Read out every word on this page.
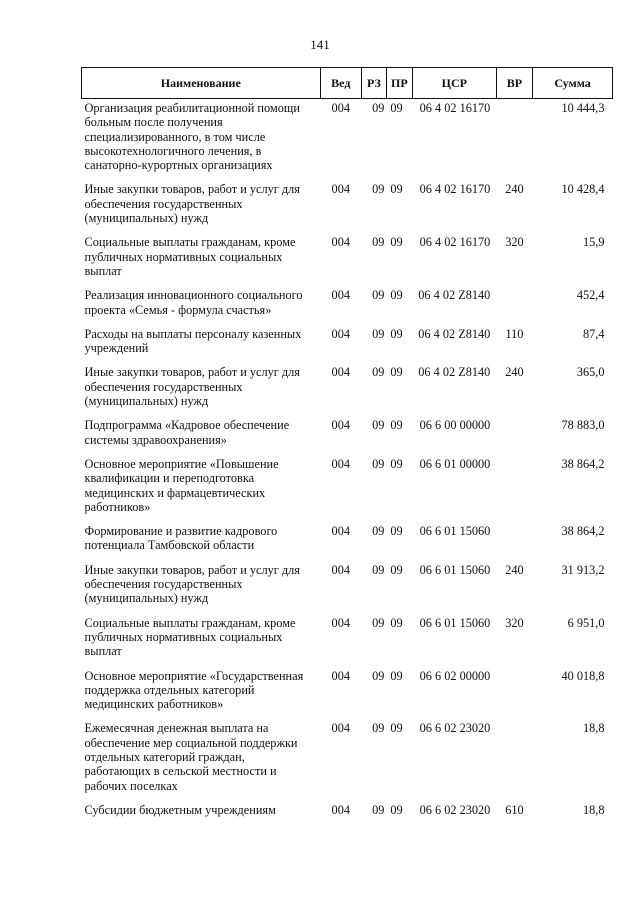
141
Наименование	Вед	РЗ	ПР	ЦСР	ВР	Сумма
Организация реабилитационной помощи больным после получения специализированного, в том числе высокотехнологичного лечения, в санаторно-курортных организациях	004	09	09	06 4 02 16170		10 444,3
Иные закупки товаров, работ и услуг для обеспечения государственных (муниципальных) нужд	004	09	09	06 4 02 16170	240	10 428,4
Социальные выплаты гражданам, кроме публичных нормативных социальных выплат	004	09	09	06 4 02 16170	320	15,9
Реализация инновационного социального проекта «Семья - формула счастья»	004	09	09	06 4 02 Z8140		452,4
Расходы на выплаты персоналу казенных учреждений	004	09	09	06 4 02 Z8140	110	87,4
Иные закупки товаров, работ и услуг для обеспечения государственных (муниципальных) нужд	004	09	09	06 4 02 Z8140	240	365,0
Подпрограмма «Кадровое обеспечение системы здравоохранения»	004	09	09	06 6 00 00000		78 883,0
Основное мероприятие «Повышение квалификации и переподготовка медицинских и фармацевтических работников»	004	09	09	06 6 01 00000		38 864,2
Формирование и развитие кадрового потенциала Тамбовской области	004	09	09	06 6 01 15060		38 864,2
Иные закупки товаров, работ и услуг для обеспечения государственных (муниципальных) нужд	004	09	09	06 6 01 15060	240	31 913,2
Социальные выплаты гражданам, кроме публичных нормативных социальных выплат	004	09	09	06 6 01 15060	320	6 951,0
Основное мероприятие «Государственная поддержка отдельных категорий медицинских работников»	004	09	09	06 6 02 00000		40 018,8
Ежемесячная денежная выплата на обеспечение мер социальной поддержки отдельных категорий граждан, работающих в сельской местности и рабочих поселках	004	09	09	06 6 02 23020		18,8
Субсидии бюджетным учреждениям	004	09	09	06 6 02 23020	610	18,8
